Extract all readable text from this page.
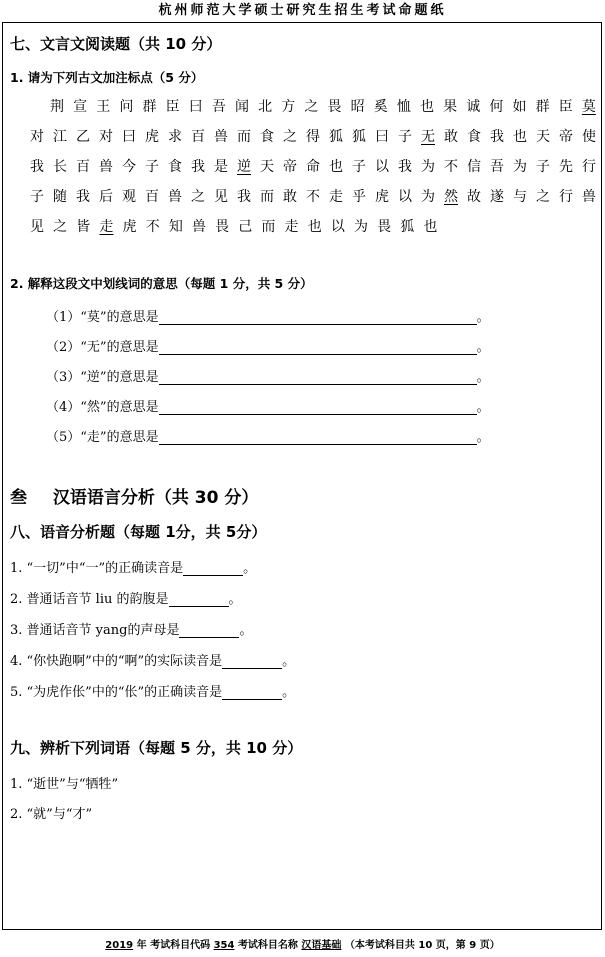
杭州师范大学硕士研究生招生考试命题纸
七、文言文阅读题（共 10 分）
1. 请为下列古文加注标点（5 分）
荆 宣 王 问 群 臣 曰 吾 闻 北 方 之 畏 昭 奚 恤 也 果 诚 何 如 群 臣 莫
对 江 乙 对 曰 虎 求 百 兽 而 食 之 得 狐 狐 曰 子 无 敢 食 我 也 天 帝 使
我 长 百 兽 今 子 食 我 是 逆 天 帝 命 也 子 以 我 为 不 信 吾 为 子 先 行
子 随 我 后 观 百 兽 之 见 我 而 敢 不 走 乎 虎 以 为 然 故 遂 与 之 行 兽
见 之 皆 走 虎 不 知 兽 畏 己 而 走 也 以 为 畏 狐 也
2. 解释这段文中划线词的意思（每题 1 分，共 5 分）
（1）“莫”的意思是	。
（2）“无”的意思是	。
（3）“逆”的意思是	。
（4）“然”的意思是	。
（5）“走”的意思是	。
叁 汉语语言分析（共 30 分）
八、语音分析题（每题 1分，共 5分）
1. “一切”中“一”的正确读音是	。
2. 普通话音节 liu 的韵腹是	。
3. 普通话音节 yang的声母是	。
4. “你快跑啊”中的“啊”的实际读音是	。
5. “为虎作伥”中的“伥”的正确读音是	。
九、辨析下列词语（每题 5 分，共 10 分）
1. “逝世”与“牺牲”
2. “就”与“才”
2019 年 考试科目代码 354 考试科目名称 汉语基础 （本考试科目共 10 页，第 9 页）
